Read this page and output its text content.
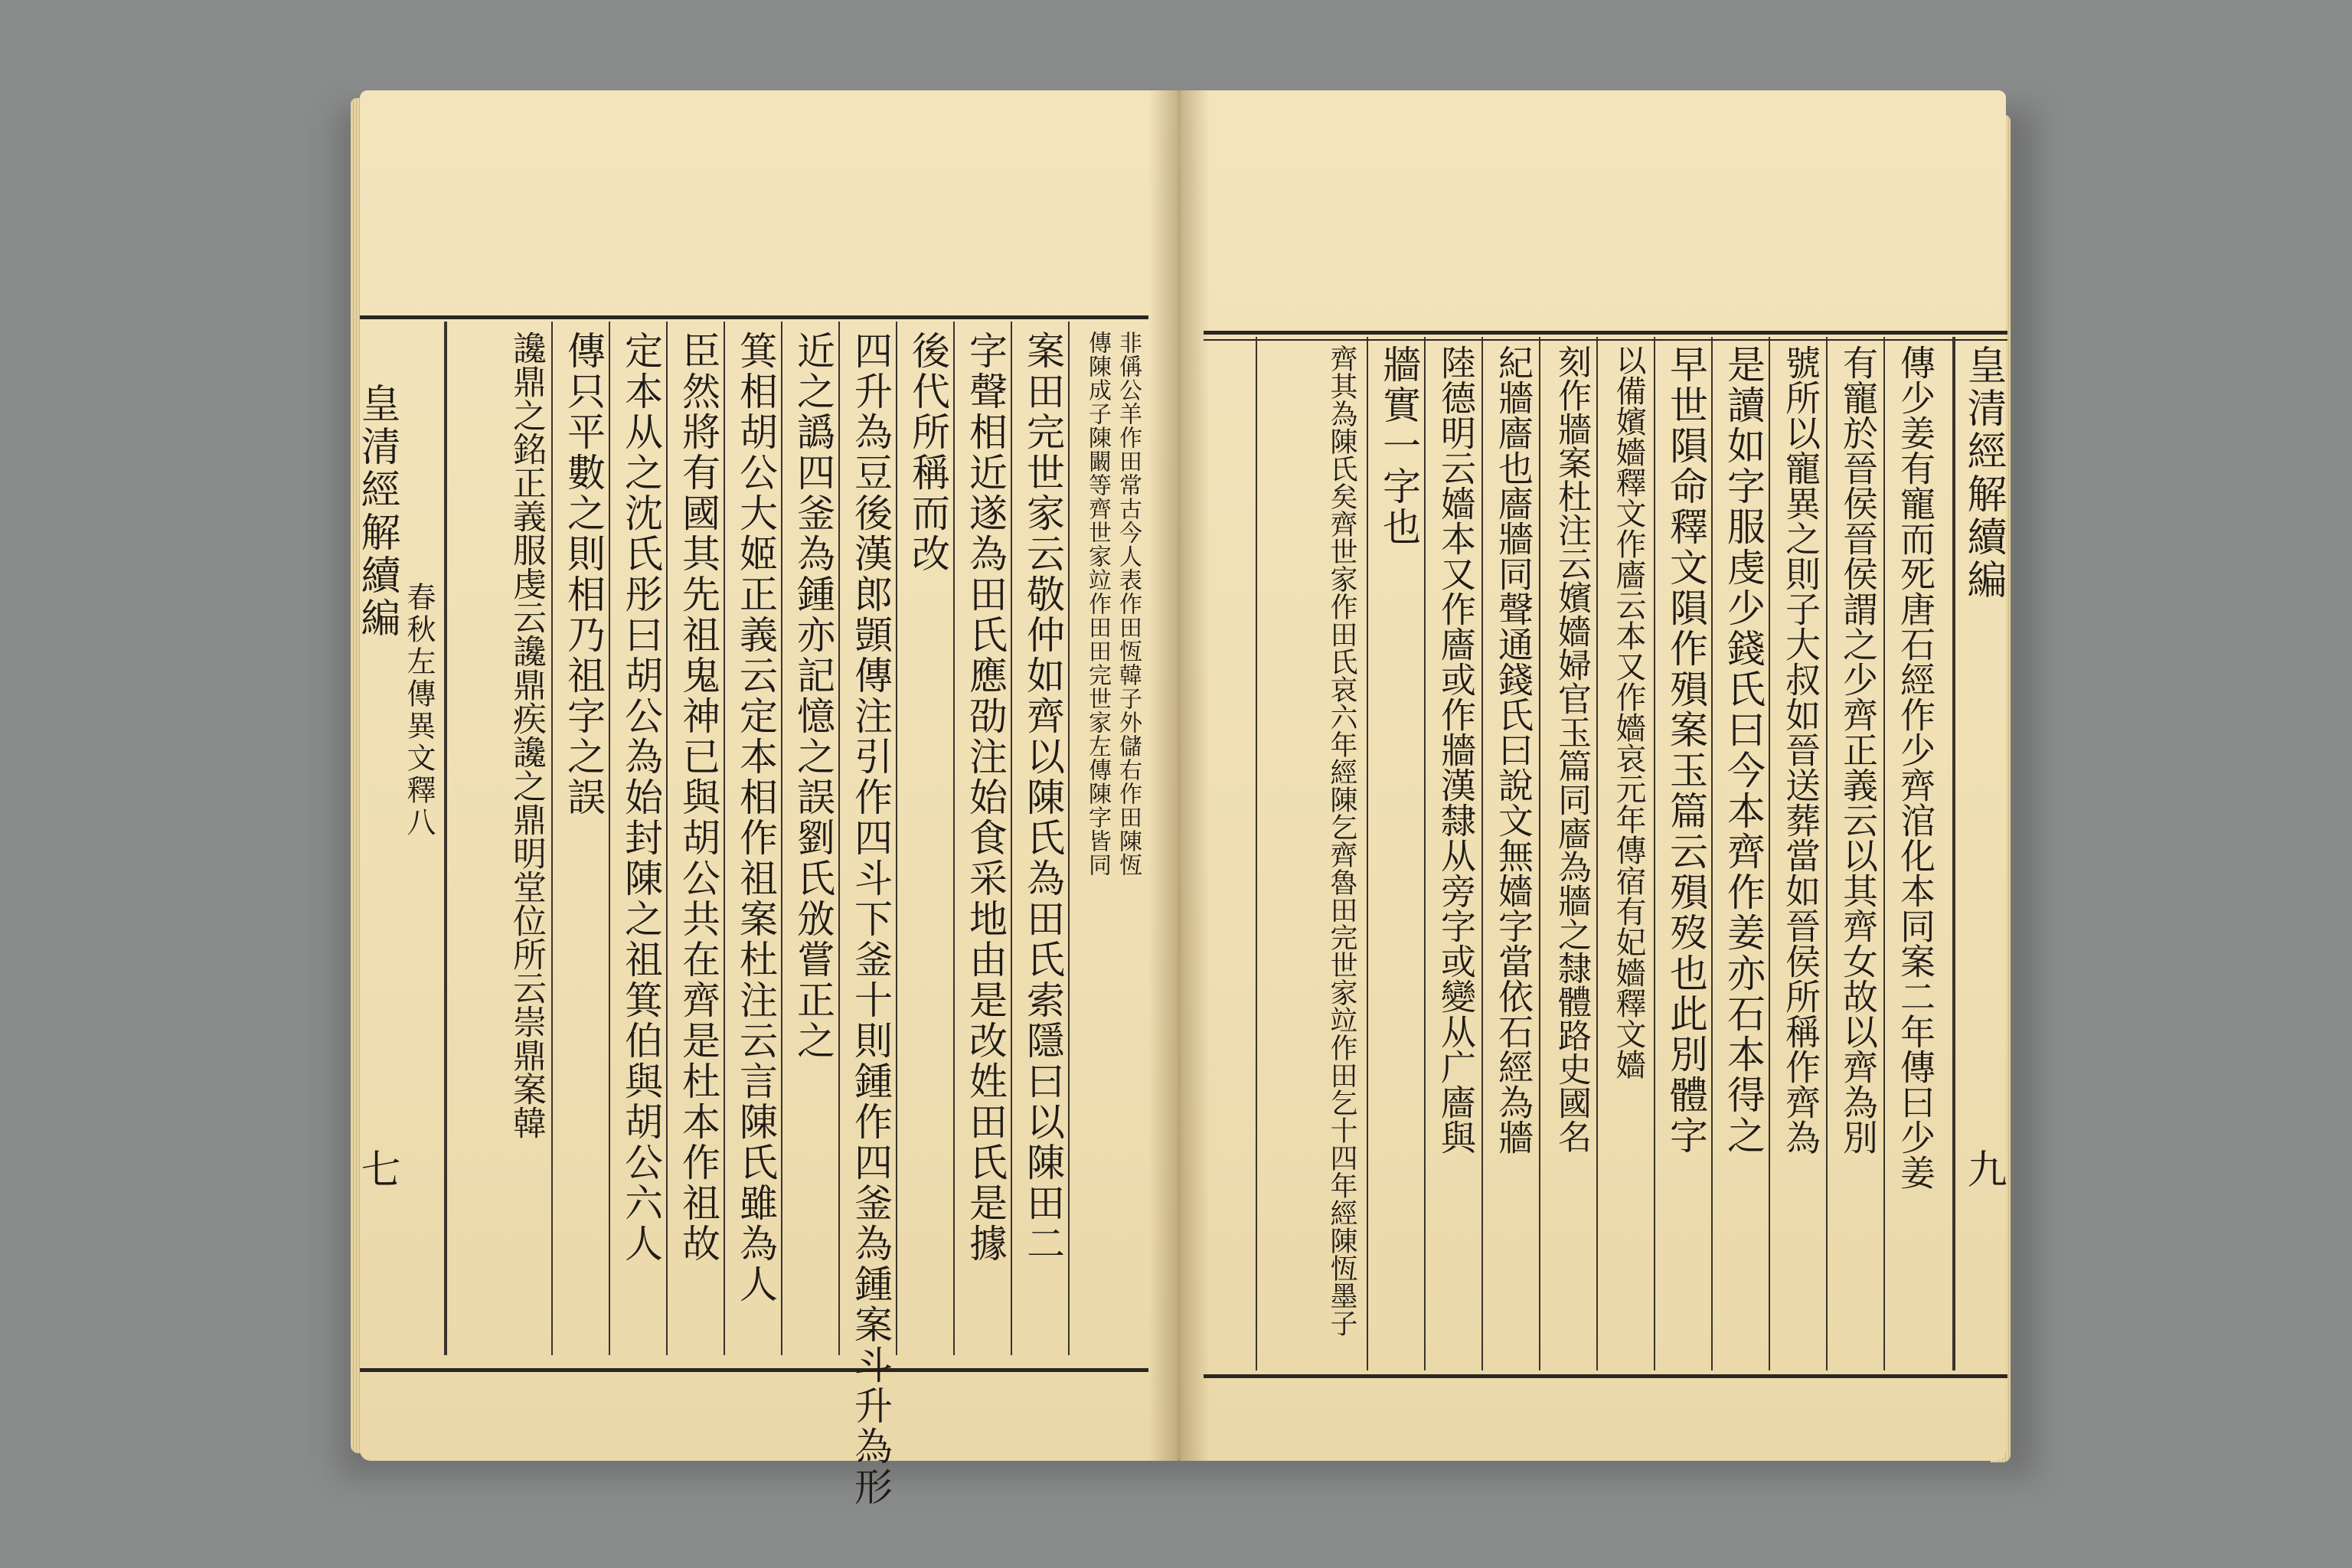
皇清經解續編
春秋左傳異文釋八
七
非偁公羊作田常古今人表作田恆韓子外儲右作田陳恆
傳陳成子陳闞等齊世家竝作田田完世家左傳陳字皆同
案田完世家云敬仲如齊以陳氏為田氏索隱曰以陳田二
字聲相近遂為田氏應劭注始食采地由是改姓田氏是據
後代所稱而改
四升為豆後漢郎顗傳注引作四斗下釜十則鍾作四釜為鍾案斗升為形
近之譌四釜為鍾亦記憶之誤劉氏攽嘗正之
箕相胡公大姬正義云定本相作祖案杜注云言陳氏雖為人
臣然將有國其先祖鬼神已與胡公共在齊是杜本作祖故
定本从之沈氏彤曰胡公為始封陳之祖箕伯與胡公六人
傳只平數之則相乃祖字之誤
讒鼎之銘正義服虔云讒鼎疾讒之鼎明堂位所云崇鼎案韓	皇清經解續編
九
傳少姜有寵而死唐石經作少齊涫化本同案二年傳曰少姜
有寵於晉侯晉侯謂之少齊正義云以其齊女故以齊為別
號所以寵異之則子大叔如晉送葬當如晉侯所稱作齊為
是讀如字服虔少錢氏曰今本齊作姜亦石本得之
早世隕命釋文隕作殞案玉篇云殞歿也此別體字
以備嬪嬙釋文作廧云本又作嬙哀元年傳宿有妃嬙釋文嬙
刻作牆案杜注云嬪嬙婦官玉篇同廧為牆之隸體路史國名
紀牆廧也廧牆同聲通錢氏曰說文無嬙字當依石經為牆
陸德明云嬙本又作廧或作牆漢隸从旁字或變从广廧與
牆實一字也
齊其為陳氏矣齊世家作田氏哀六年經陳乞齊魯田完世家竝作田乞十四年經陳恆墨子
